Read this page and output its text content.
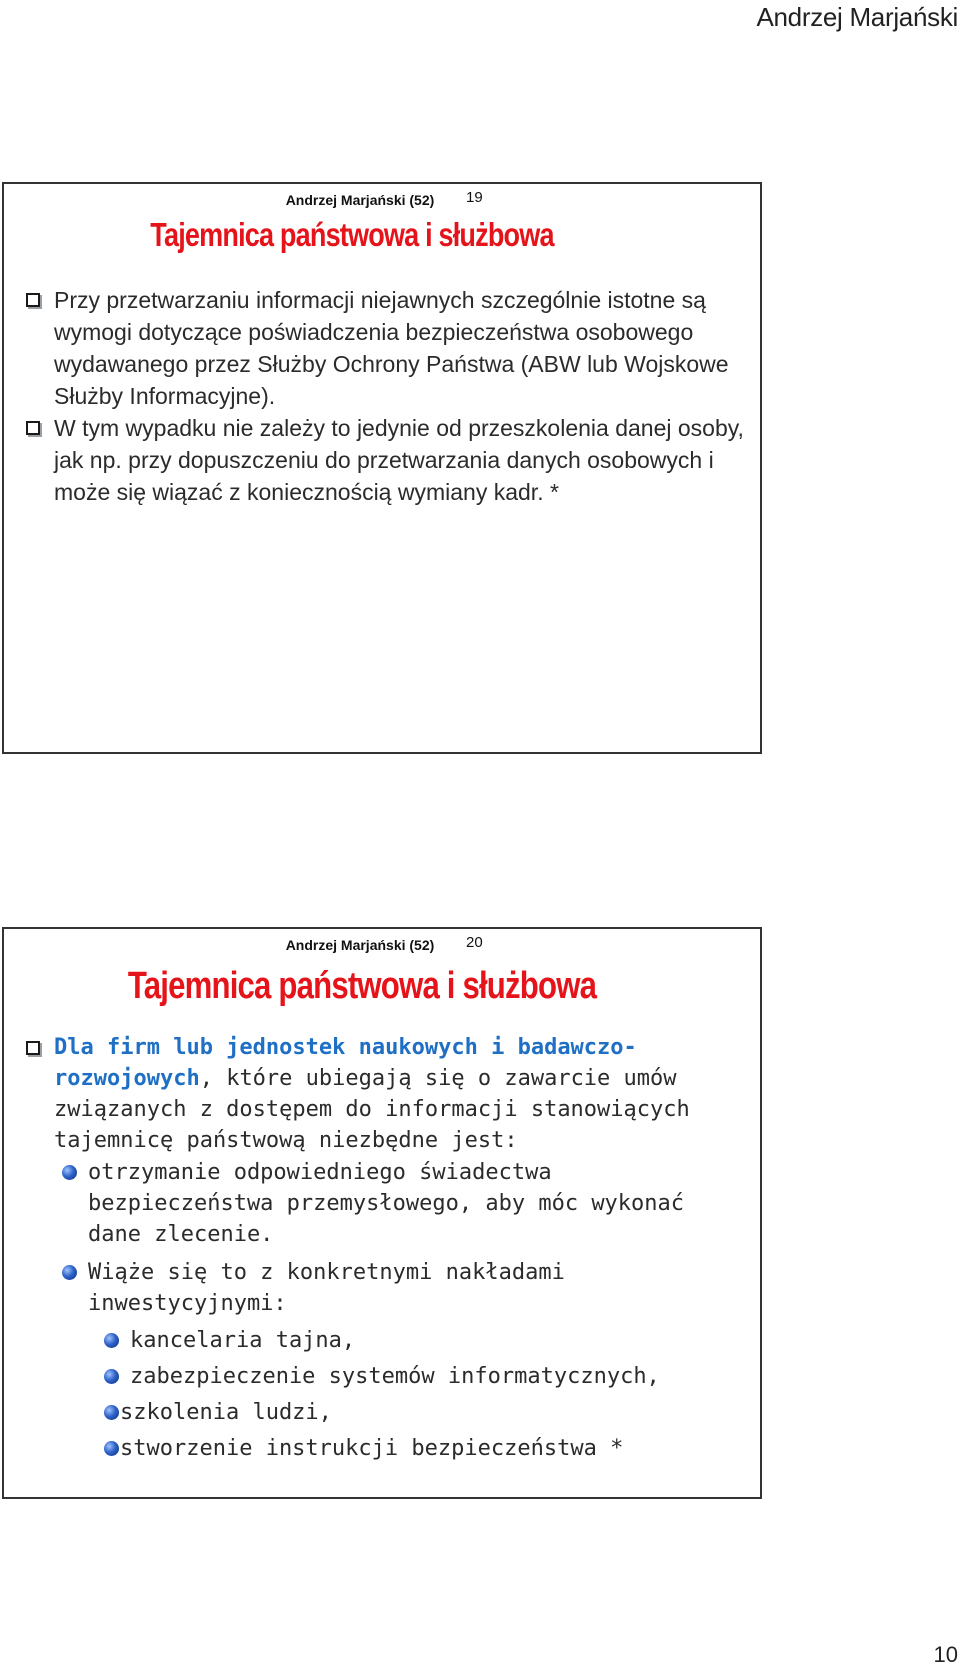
Andrzej Marjański
Andrzej Marjański (52) 19
Tajemnica państwowa i służbowa
Przy przetwarzaniu informacji niejawnych szczególnie istotne są wymogi dotyczące poświadczenia bezpieczeństwa osobowego wydawanego przez Służby Ochrony Państwa (ABW lub Wojskowe Służby Informacyjne).
W tym wypadku nie zależy to jedynie od przeszkolenia danej osoby, jak np. przy dopuszczeniu do przetwarzania danych osobowych i może się wiązać z koniecznością wymiany kadr. *
Andrzej Marjański (52) 20
Tajemnica państwowa i służbowa
Dla firm lub jednostek naukowych i badawczo-rozwojowych, które ubiegają się o zawarcie umów związanych z dostępem do informacji stanowiących tajemnicę państwową niezbędne jest:
otrzymanie odpowiedniego świadectwa bezpieczeństwa przemysłowego, aby móc wykonać dane zlecenie.
Wiąże się to z konkretnymi nakładami inwestycyjnymi:
kancelaria tajna,
zabezpieczenie systemów informatycznych,
szkolenia ludzi,
stworzenie instrukcji bezpieczeństwa *
10
